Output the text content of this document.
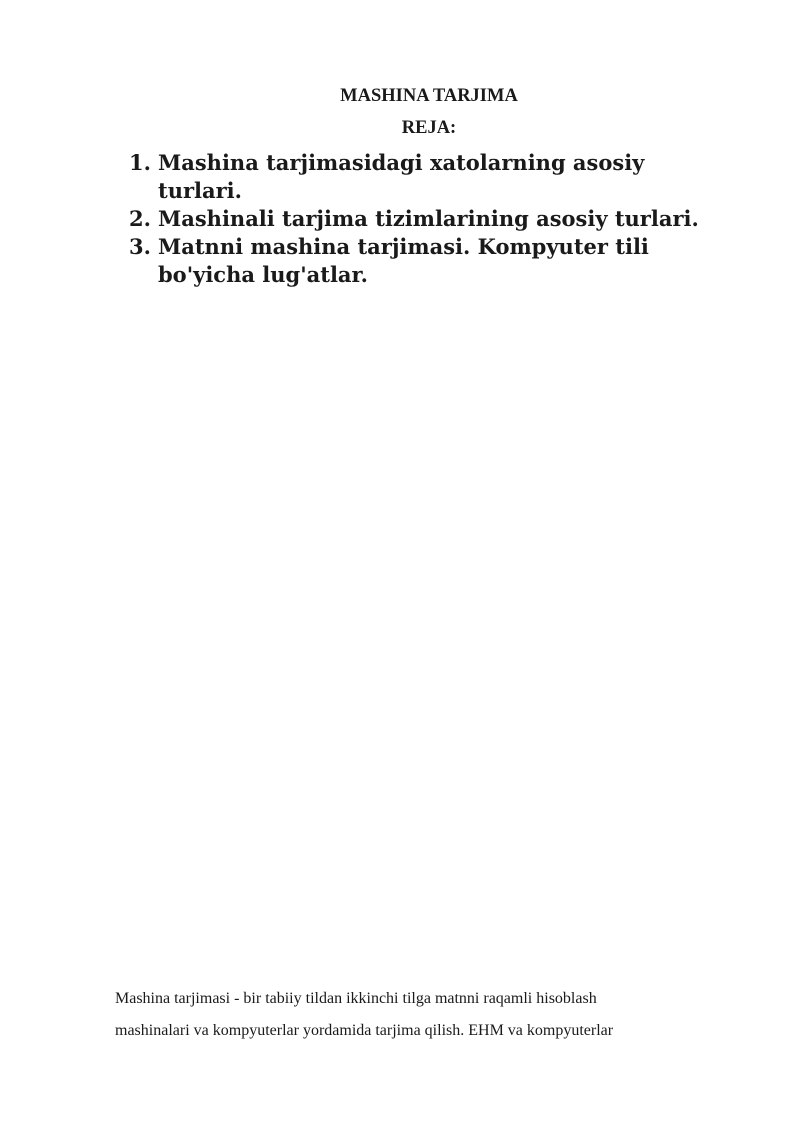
MASHINA TARJIMA
REJA:
1. Mashina tarjimasidagi xatolarning asosiy turlari.
2. Mashinali tarjima tizimlarining asosiy turlari.
3. Matnni mashina tarjimasi. Kompyuter tili bo'yicha lug'atlar.

Mashina tarjimasi - bir tabiiy tildan ikkinchi tilga matnni raqamli hisoblash
mashinalari va kompyuterlar yordamida tarjima qilish. EHM va kompyuterlar
